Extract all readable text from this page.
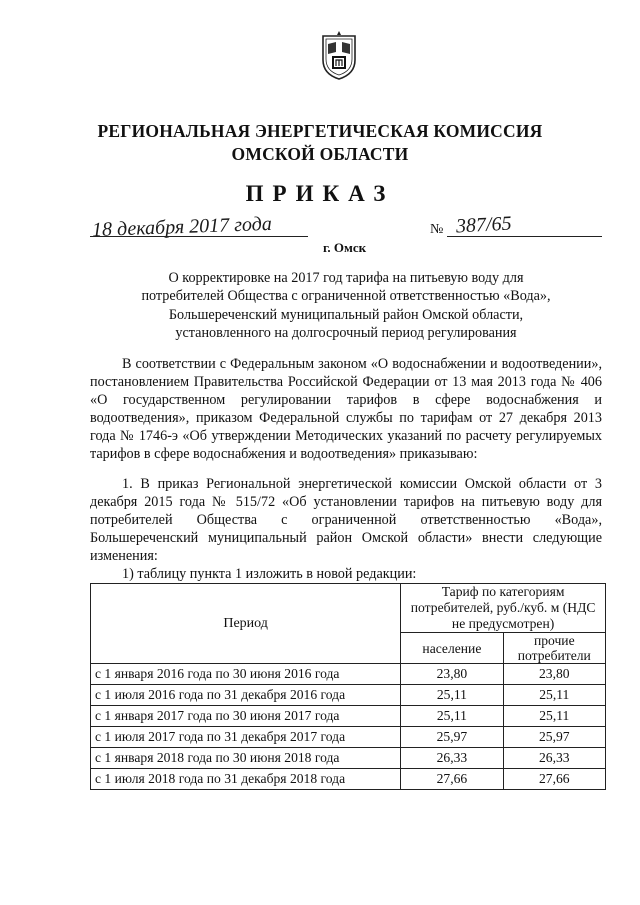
РЕГИОНАЛЬНАЯ ЭНЕРГЕТИЧЕСКАЯ КОМИССИЯ
ОМСКОЙ ОБЛАСТИ
ПРИКАЗ
18 декабря 2017 года
г. Омск
№ 387/65
О корректировке на 2017 год тарифа на питьевую воду для
потребителей Общества с ограниченной ответственностью «Вода»,
Большереченский муниципальный район Омской области,
установленного на долгосрочный период регулирования
В соответствии с Федеральным законом «О водоснабжении и водоотведении», постановлением Правительства Российской Федерации от 13 мая 2013 года № 406 «О государственном регулировании тарифов в сфере водоснабжения и водоотведения», приказом Федеральной службы по тарифам от 27 декабря 2013 года № 1746-э «Об утверждении Методических указаний по расчету регулируемых тарифов в сфере водоснабжения и водоотведения» приказываю:
1. В приказ Региональной энергетической комиссии Омской области от 3 декабря 2015 года № 515/72 «Об установлении тарифов на питьевую воду для потребителей Общества с ограниченной ответственностью «Вода», Большереченский муниципальный район Омской области» внести следующие изменения:
1) таблицу пункта 1 изложить в новой редакции:
Период	Тариф по категориям потребителей, руб./куб. м (НДС не предусмотрен)	
	население	прочие потребители
с 1 января 2016 года по 30 июня 2016 года	23,80	23,80
с 1 июля 2016 года по 31 декабря 2016 года	25,11	25,11
с 1 января 2017 года по 30 июня 2017 года	25,11	25,11
с 1 июля 2017 года по 31 декабря 2017 года	25,97	25,97
с 1 января 2018 года по 30 июня 2018 года	26,33	26,33
с 1 июля 2018 года по 31 декабря 2018 года	27,66	27,66
